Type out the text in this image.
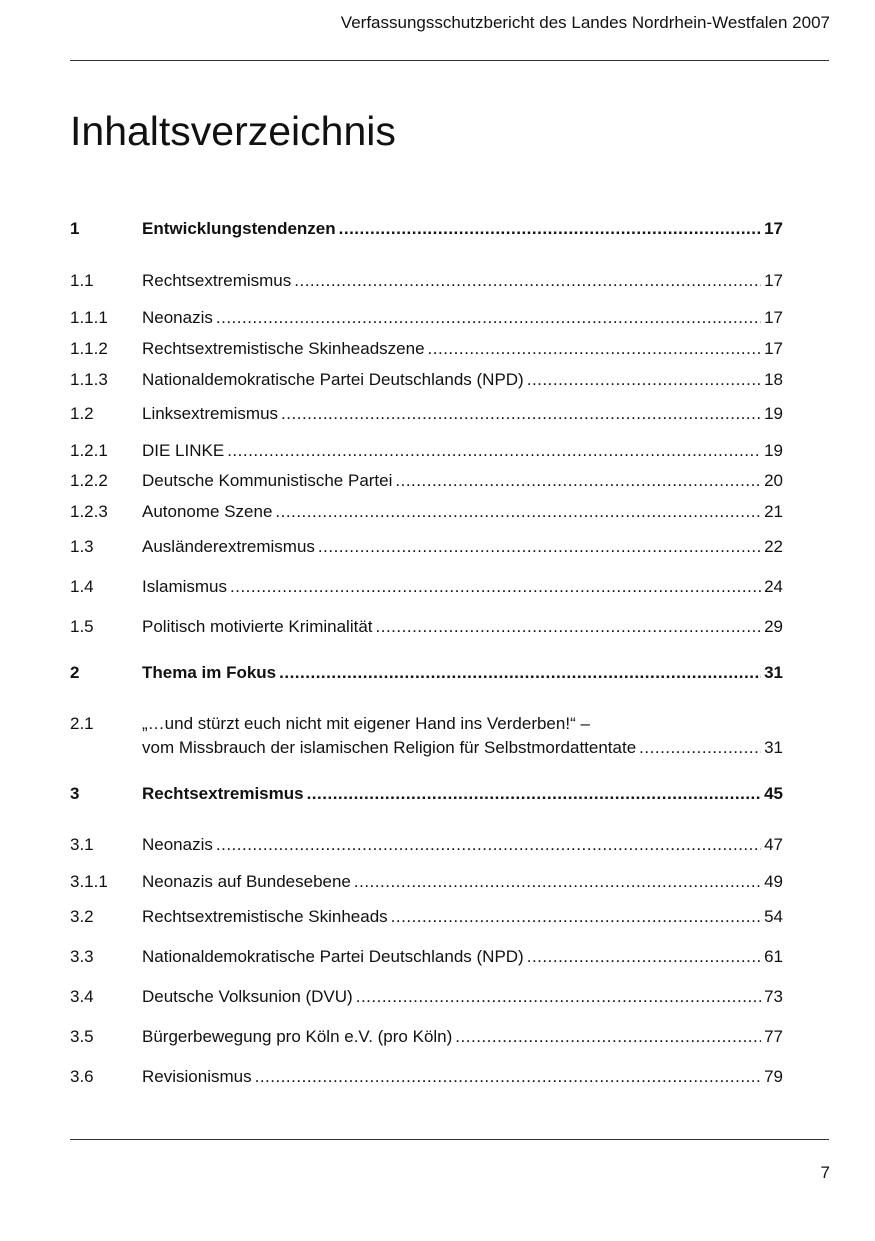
Verfassungsschutzbericht des Landes Nordrhein-Westfalen 2007
Inhaltsverzeichnis
1	Entwicklungstendenzen .....	17
1.1	Rechtsextremismus .....	17
1.1.1 Neonazis .....	17
1.1.2 Rechtsextremistische Skinheadszene .....	17
1.1.3 Nationaldemokratische Partei Deutschlands (NPD) .....	18
1.2	Linksextremismus .....	19
1.2.1 DIE LINKE .....	19
1.2.2 Deutsche Kommunistische Partei .....	20
1.2.3 Autonome Szene .....	21
1.3	Ausländerextremismus .....	22
1.4	Islamismus .....	24
1.5	Politisch motivierte Kriminalität .....	29
2	Thema im Fokus .....	31
2.1	„…und stürzt euch nicht mit eigener Hand ins Verderben!“ –
vom Missbrauch der islamischen Religion für Selbstmordattentate .....	31
3	Rechtsextremismus .....	45
3.1	Neonazis .....	47
3.1.1 Neonazis auf Bundesebene .....	49
3.2	Rechtsextremistische Skinheads .....	54
3.3	Nationaldemokratische Partei Deutschlands (NPD) .....	61
3.4	Deutsche Volksunion (DVU) .....	73
3.5	Bürgerbewegung pro Köln e.V. (pro Köln) .....	77
3.6	Revisionismus .....	79
7
